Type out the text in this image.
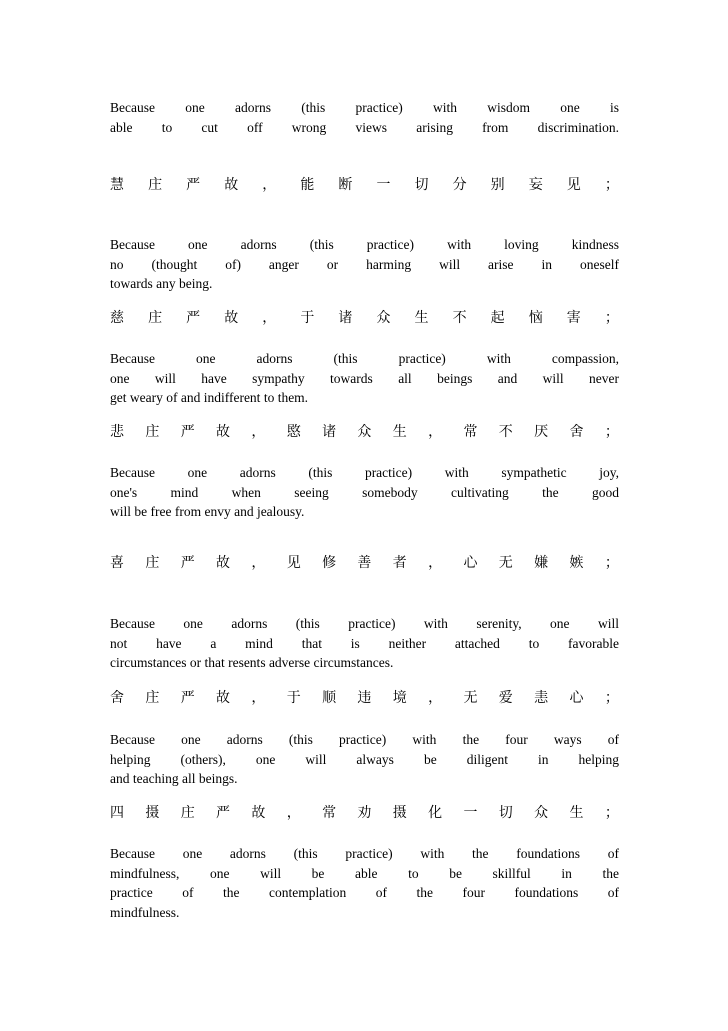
Because one adorns (this practice) with wisdom one is
able to cut off wrong views arising from discrimination.

慧 庄 严 故 ， 能 断 一 切 分 别 妄 见 ；

Because one adorns (this practice) with loving kindness
no (thought of) anger or harming will arise in oneself
towards any being.

慈 庄 严 故 ， 于 诸 众 生 不 起 恼 害 ；

Because one adorns (this practice) with compassion,
one will have sympathy towards all beings and will never
get weary of and indifferent to them.

悲 庄 严 故 ， 愍 诸 众 生 ， 常 不 厌 舍 ；

Because one adorns (this practice) with sympathetic joy,
one's mind when seeing somebody cultivating the good
will be free from envy and jealousy.

喜 庄 严 故 ， 见 修 善 者 ， 心 无 嫌 嫉 ；

Because one adorns (this practice) with serenity, one will
not have a mind that is neither attached to favorable
circumstances or that resents adverse circumstances.

舍 庄 严 故 ， 于 顺 违 境 ， 无 爱 恚 心 ；

Because one adorns (this practice) with the four ways of
helping (others), one will always be diligent in helping
and teaching all beings.

四 摄 庄 严 故 ， 常 劝 摄 化 一 切 众 生 ；

Because one adorns (this practice) with the foundations of
mindfulness, one will be able to be skillful in the
practice of the contemplation of the four foundations of
mindfulness.
